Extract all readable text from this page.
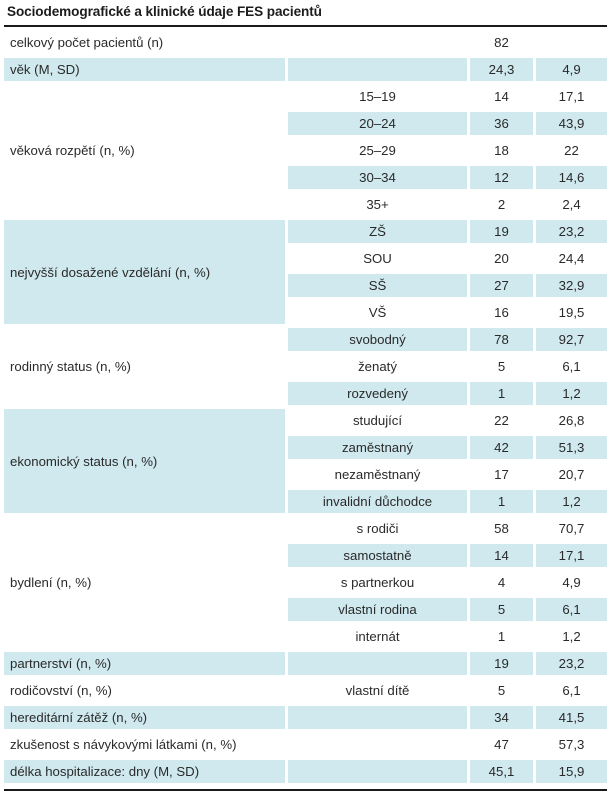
Sociodemografické a klinické údaje FES pacientů
celkový počet pacientů (n)		82	
věk (M, SD)		24,3	4,9
věková rozpětí (n, %)	15–19	14	17,1
	20–24	36	43,9
	25–29	18	22
	30–34	12	14,6
	35+	2	2,4
nejvyšší dosažené vzdělání (n, %)	ZŠ	19	23,2
	SOU	20	24,4
	SŠ	27	32,9
	VŠ	16	19,5
rodinný status (n, %)	svobodný	78	92,7
	ženatý	5	6,1
	rozvedený	1	1,2
ekonomický status (n, %)	studující	22	26,8
	zaměstnaný	42	51,3
	nezaměstnaný	17	20,7
	invalidní důchodce	1	1,2
bydlení (n, %)	s rodiči	58	70,7
	samostatně	14	17,1
	s partnerkou	4	4,9
	vlastní rodina	5	6,1
	internát	1	1,2
partnerství (n, %)		19	23,2
rodičovství (n, %)	vlastní dítě	5	6,1
hereditární zátěž (n, %)		34	41,5
zkušenost s návykovými látkami (n, %)		47	57,3
délka hospitalizace: dny (M, SD)		45,1	15,9
